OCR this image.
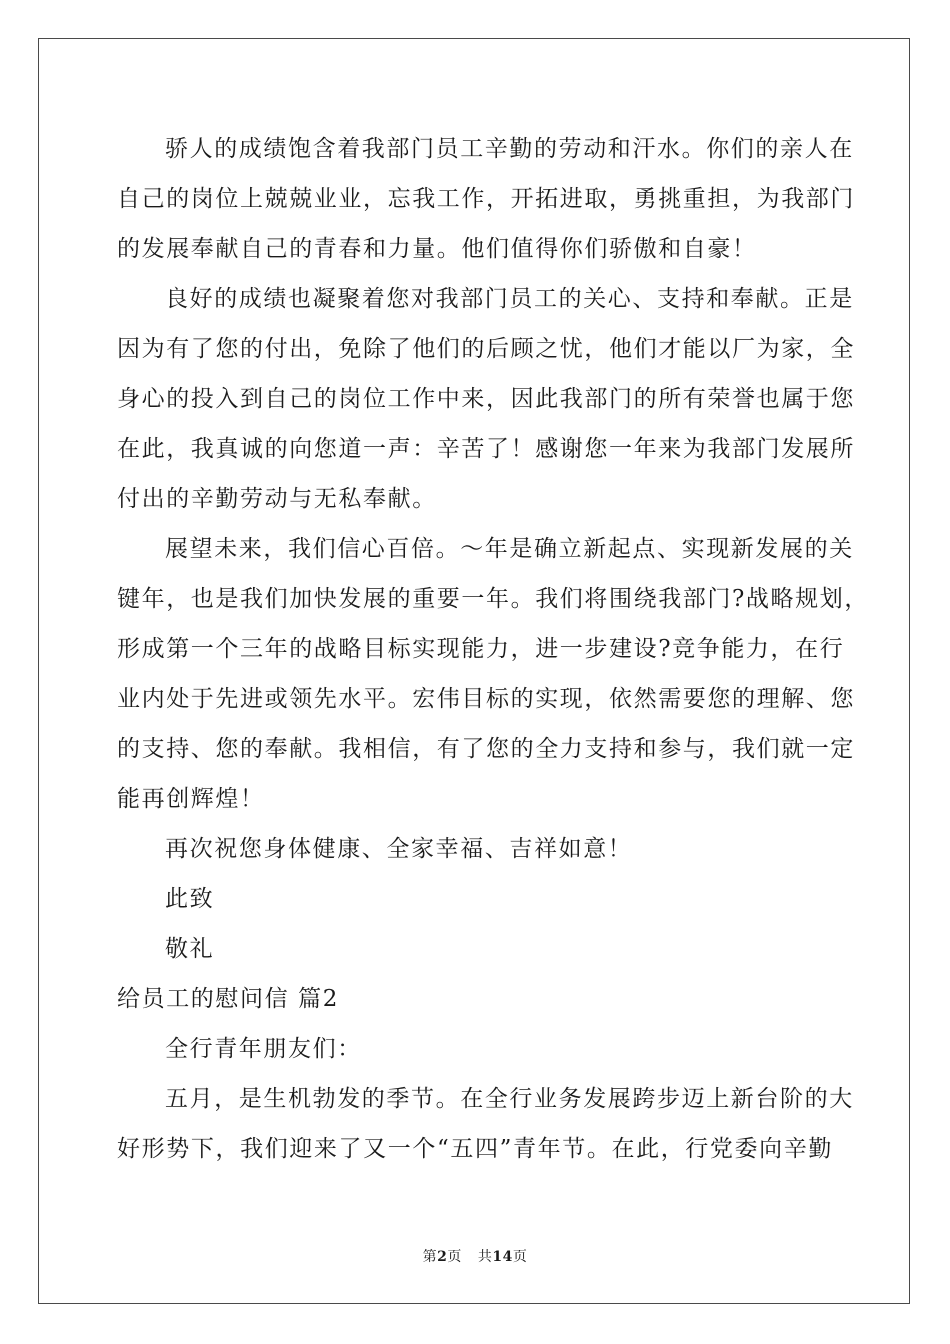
骄人的成绩饱含着我部门员工辛勤的劳动和汗水。你们的亲人在
自己的岗位上兢兢业业，忘我工作，开拓进取，勇挑重担，为我部门
的发展奉献自己的青春和力量。他们值得你们骄傲和自豪！
良好的成绩也凝聚着您对我部门员工的关心、支持和奉献。正是
因为有了您的付出，免除了他们的后顾之忧，他们才能以厂为家，全
身心的投入到自己的岗位工作中来，因此我部门的所有荣誉也属于您
在此，我真诚的向您道一声：辛苦了！感谢您一年来为我部门发展所
付出的辛勤劳动与无私奉献。
展望未来，我们信心百倍。～年是确立新起点、实现新发展的关
键年，也是我们加快发展的重要一年。我们将围绕我部门?战略规划，
形成第一个三年的战略目标实现能力，进一步建设?竞争能力，在行
业内处于先进或领先水平。宏伟目标的实现，依然需要您的理解、您
的支持、您的奉献。我相信，有了您的全力支持和参与，我们就一定
能再创辉煌！
再次祝您身体健康、全家幸福、吉祥如意！
此致
敬礼
给员工的慰问信 篇2
全行青年朋友们：
五月，是生机勃发的季节。在全行业务发展跨步迈上新台阶的大
好形势下，我们迎来了又一个“五四”青年节。在此，行党委向辛勤
第2页 共14页
